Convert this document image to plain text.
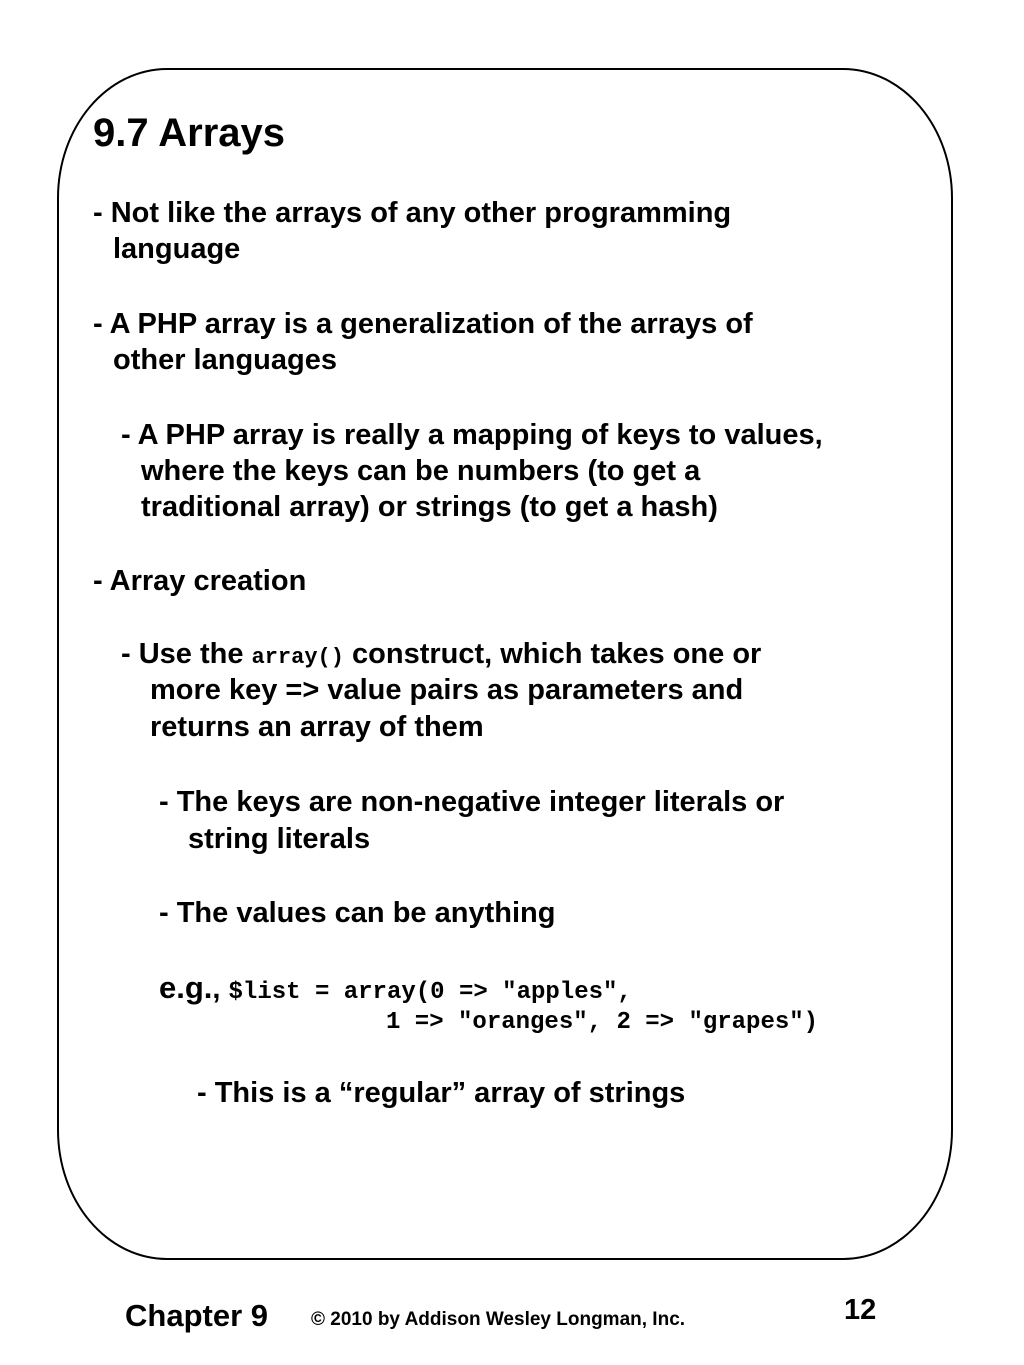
9.7 Arrays
- Not like the arrays of any other programming
language
- A PHP array is a generalization of the arrays of
other languages
- A PHP array is really a mapping of keys to values,
where the keys can be numbers (to get a
traditional array) or strings (to get a hash)
- Array creation
- Use the array() construct, which takes one or
more key => value pairs as parameters and
returns an array of them
- The keys are non-negative integer literals or
string literals
- The values can be anything
e.g., $list = array(0 => "apples",
1 => "oranges", 2 => "grapes")
- This is a “regular” array of strings
Chapter 9 © 2010 by Addison Wesley Longman, Inc.	12
